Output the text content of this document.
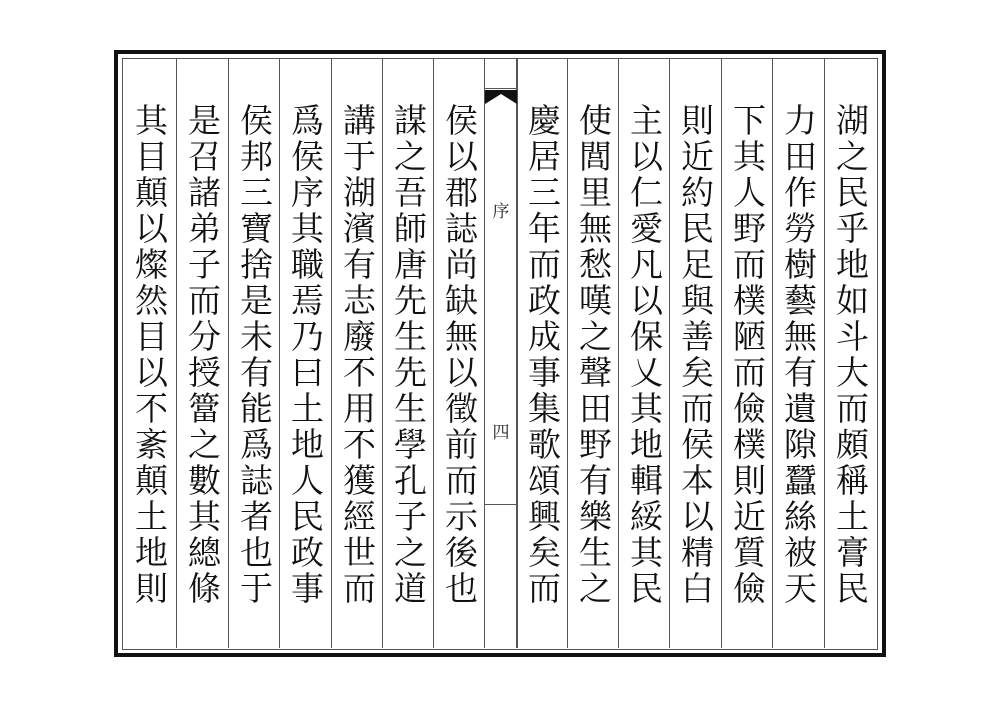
湖之民乎地如斗大而頗稱土膏民
力田作勞樹藝無有遺隙蠶絲被天
下其人野而樸陋而儉樸則近質儉
則近約民足與善矣而侯本以精白
主以仁愛凡以保乂其地輯綏其民
使閭里無愁嘆之聲田野有樂生之
慶居三年而政成事集歌頌興矣而
序
四
侯以郡誌尚缺無以徵前而示後也
謀之吾師唐先生先生學孔子之道
講于湖濱有志廢不用不獲經世而
爲侯序其職焉乃曰土地人民政事
侯邦三寶捨是未有能爲誌者也于
是召諸弟子而分授簹之數其總條
其目顛以燦然目以不紊顛土地則
